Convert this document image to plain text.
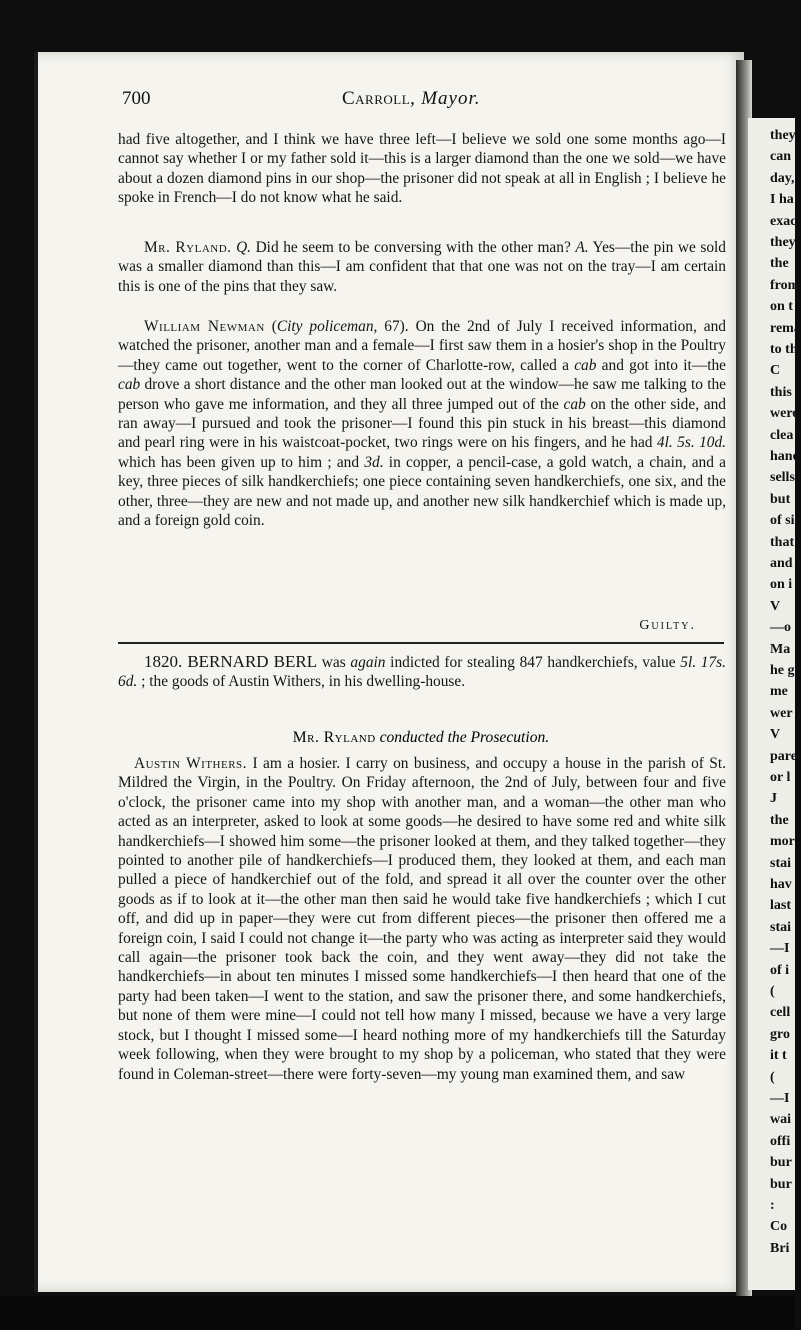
they
can
day,
I ha
exac
they
the
from
on t
rema
to th
C
this
were
clea
hane
sells
but
of si
that
and
on i
V
—o
Ma
he g
me
wer
V
pare
or l
J
the
mor
stai
hav
last
stai
—I
of i
(
cell
gro
it t
(
—I
wai
offi
bur
bur
:
Co
Bri
700	Carroll, Mayor.
had five altogether, and I think we have three left—I believe we sold one some months ago—I cannot say whether I or my father sold it—this is a larger diamond than the one we sold—we have about a dozen diamond pins in our shop—the prisoner did not speak at all in English ; I believe he spoke in French—I do not know what he said.
Mr. Ryland. Q. Did he seem to be conversing with the other man? A. Yes—the pin we sold was a smaller diamond than this—I am confident that that one was not on the tray—I am certain this is one of the pins that they saw.
William Newman (City policeman, 67). On the 2nd of July I received information, and watched the prisoner, another man and a female—I first saw them in a hosier's shop in the Poultry—they came out together, went to the corner of Charlotte-row, called a cab and got into it—the cab drove a short distance and the other man looked out at the window—he saw me talking to the person who gave me information, and they all three jumped out of the cab on the other side, and ran away—I pursued and took the prisoner—I found this pin stuck in his breast—this diamond and pearl ring were in his waistcoat-pocket, two rings were on his fingers, and he had 4l. 5s. 10d. which has been given up to him ; and 3d. in copper, a pencil-case, a gold watch, a chain, and a key, three pieces of silk handkerchiefs; one piece containing seven handkerchiefs, one six, and the other, three—they are new and not made up, and another new silk handkerchief which is made up, and a foreign gold coin.
Guilty.
1820. BERNARD BERL was again indicted for stealing 847 handkerchiefs, value 5l. 17s. 6d. ; the goods of Austin Withers, in his dwelling-house.
Mr. Ryland conducted the Prosecution.
Austin Withers. I am a hosier. I carry on business, and occupy a house in the parish of St. Mildred the Virgin, in the Poultry. On Friday afternoon, the 2nd of July, between four and five o'clock, the prisoner came into my shop with another man, and a woman—the other man who acted as an interpreter, asked to look at some goods—he desired to have some red and white silk handkerchiefs—I showed him some—the prisoner looked at them, and they talked together—they pointed to another pile of handkerchiefs—I produced them, they looked at them, and each man pulled a piece of handkerchief out of the fold, and spread it all over the counter over the other goods as if to look at it—the other man then said he would take five handkerchiefs ; which I cut off, and did up in paper—they were cut from different pieces—the prisoner then offered me a foreign coin, I said I could not change it—the party who was acting as interpreter said they would call again—the prisoner took back the coin, and they went away—they did not take the handkerchiefs—in about ten minutes I missed some handkerchiefs—I then heard that one of the party had been taken—I went to the station, and saw the prisoner there, and some handkerchiefs, but none of them were mine—I could not tell how many I missed, because we have a very large stock, but I thought I missed some—I heard nothing more of my handkerchiefs till the Saturday week following, when they were brought to my shop by a policeman, who stated that they were found in Coleman-street—there were forty-seven—my young man examined them, and saw
